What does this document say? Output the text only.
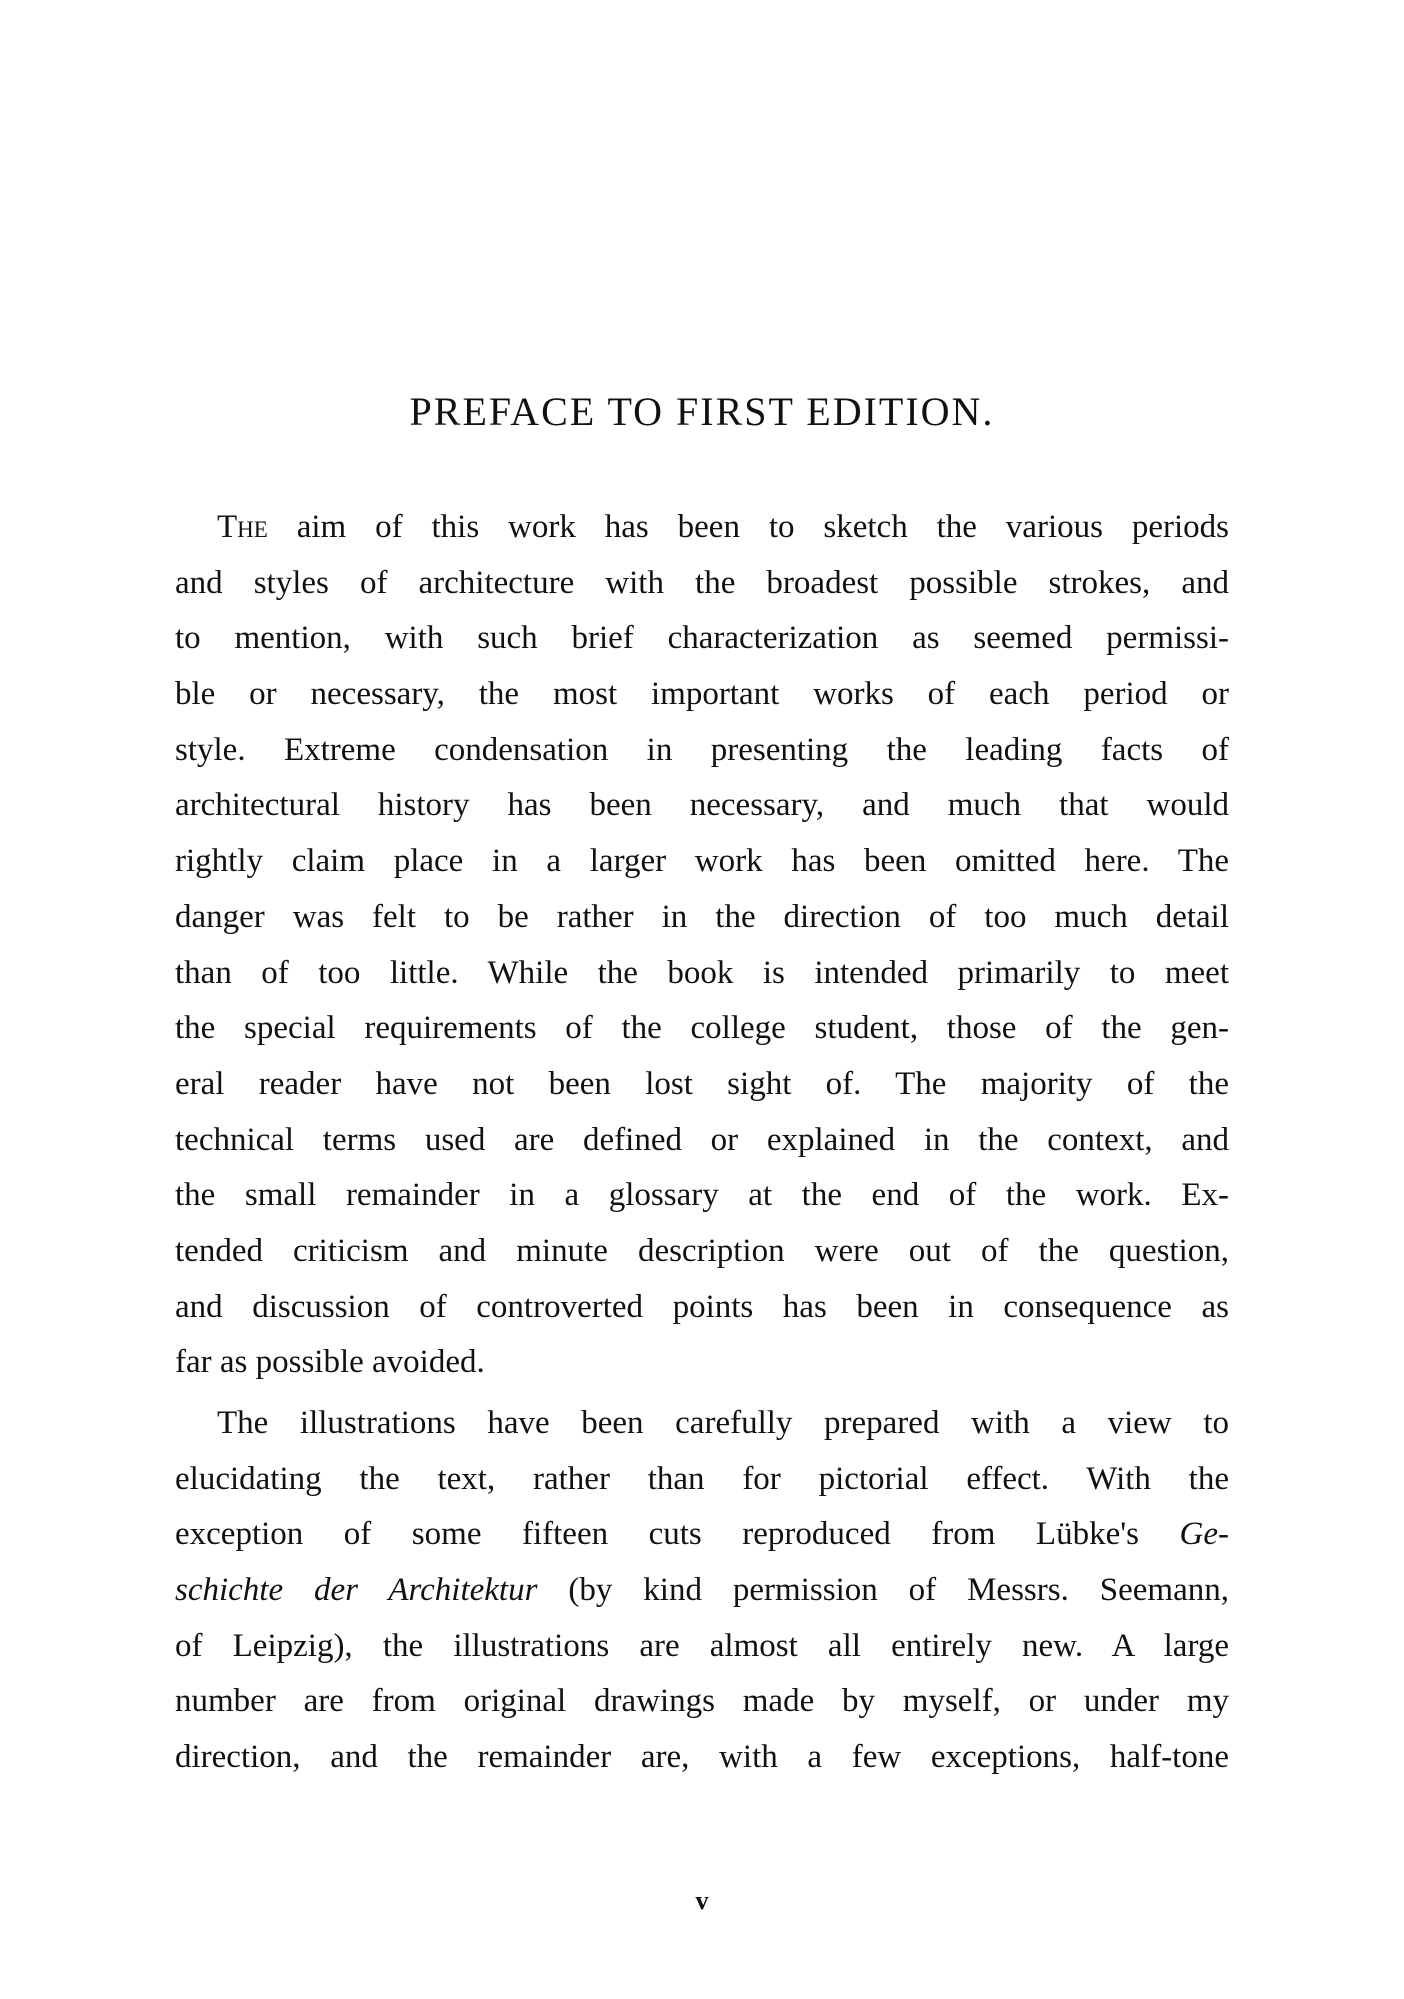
PREFACE TO FIRST EDITION.
The aim of this work has been to sketch the various periods
and styles of architecture with the broadest possible strokes, and
to mention, with such brief characterization as seemed permissi-
ble or necessary, the most important works of each period or
style. Extreme condensation in presenting the leading facts of
architectural history has been necessary, and much that would
rightly claim place in a larger work has been omitted here. The
danger was felt to be rather in the direction of too much detail
than of too little. While the book is intended primarily to meet
the special requirements of the college student, those of the gen-
eral reader have not been lost sight of. The majority of the
technical terms used are defined or explained in the context, and
the small remainder in a glossary at the end of the work. Ex-
tended criticism and minute description were out of the question,
and discussion of controverted points has been in consequence as
far as possible avoided.
The illustrations have been carefully prepared with a view to
elucidating the text, rather than for pictorial effect. With the
exception of some fifteen cuts reproduced from Lübke's Ge-
schichte der Architektur (by kind permission of Messrs. Seemann,
of Leipzig), the illustrations are almost all entirely new. A large
number are from original drawings made by myself, or under my
direction, and the remainder are, with a few exceptions, half-tone
v
